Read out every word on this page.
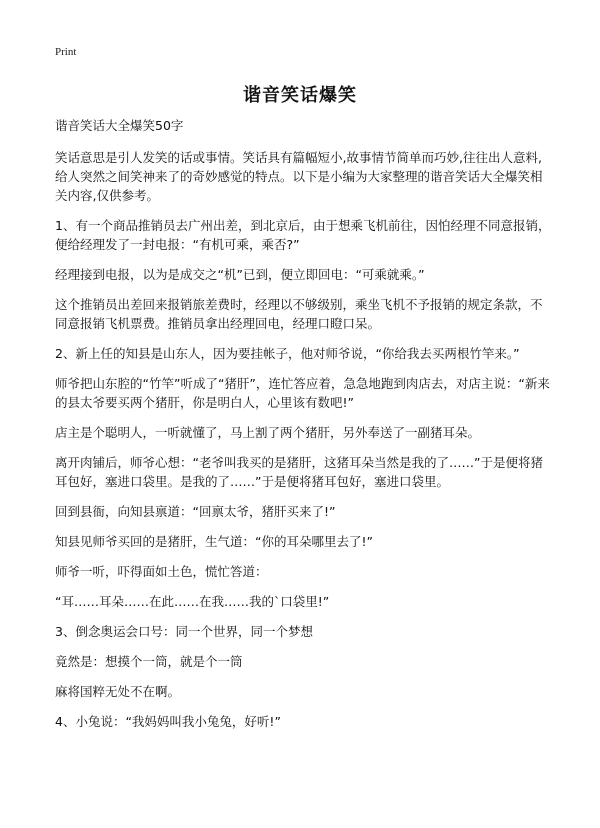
Print
谐音笑话爆笑

谐音笑话大全爆笑50字

笑话意思是引人发笑的话或事情。笑话具有篇幅短小,故事情节简单而巧妙,往往出人意料,给人突然之间笑神来了的奇妙感觉的特点。以下是小编为大家整理的谐音笑话大全爆笑相关内容,仅供参考。

1、有一个商品推销员去广州出差，到北京后，由于想乘飞机前往，因怕经理不同意报销，便给经理发了一封电报：“有机可乘，乘否?”

经理接到电报，以为是成交之“机”已到，便立即回电：“可乘就乘。”

这个推销员出差回来报销旅差费时，经理以不够级别，乘坐飞机不予报销的规定条款，不同意报销飞机票费。推销员拿出经理回电，经理口瞪口呆。

2、新上任的知县是山东人，因为要挂帐子，他对师爷说，“你给我去买两根竹竿来。”

师爷把山东腔的“竹竿”听成了“猪肝”，连忙答应着，急急地跑到肉店去，对店主说：“新来的县太爷要买两个猪肝，你是明白人，心里该有数吧!”

店主是个聪明人，一听就懂了，马上割了两个猪肝，另外奉送了一副猪耳朵。

离开肉铺后，师爷心想：“老爷叫我买的是猪肝，这猪耳朵当然是我的了……”于是便将猪耳包好，塞进口袋里。是我的了……”于是便将猪耳包好，塞进口袋里。

回到县衙，向知县禀道：“回禀太爷，猪肝买来了!”

知县见师爷买回的是猪肝，生气道：“你的耳朵哪里去了!”

师爷一听，吓得面如土色，慌忙答道：

“耳……耳朵……在此……在我……我的`口袋里!”

3、倒念奥运会口号：同一个世界，同一个梦想

竟然是：想摸个一筒，就是个一筒

麻将国粹无处不在啊。

4、小兔说：“我妈妈叫我小兔兔，好听!”
